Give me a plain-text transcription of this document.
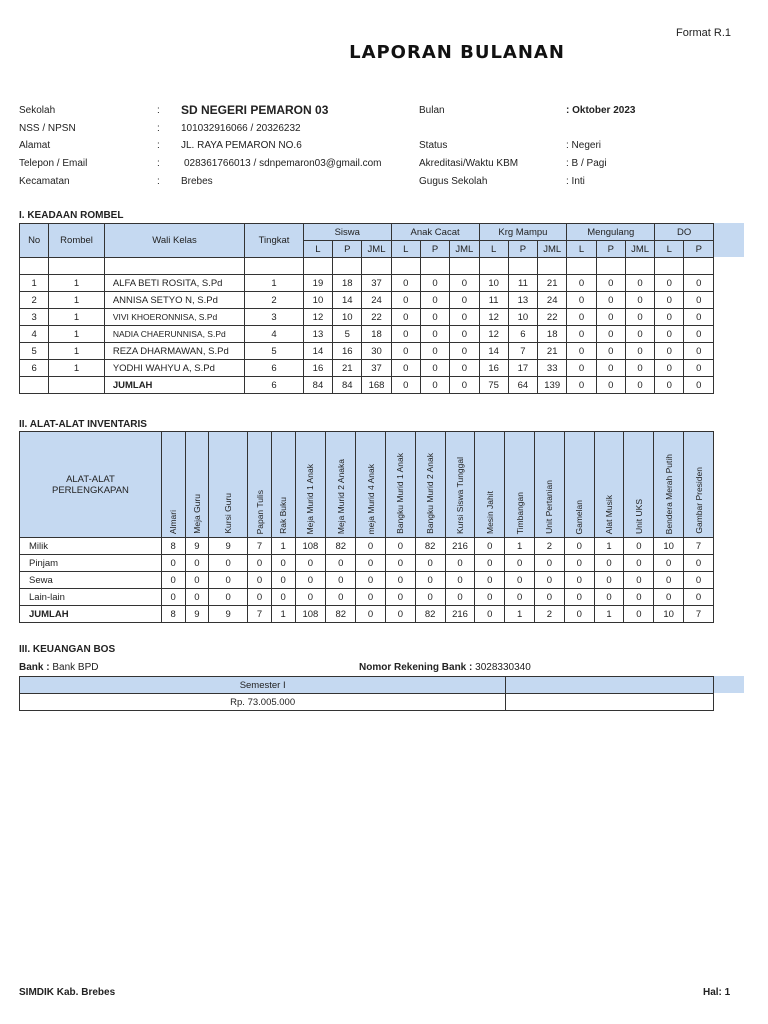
Format R.1
LAPORAN BULANAN
Sekolah	: SD NEGERI PEMARON 03
NSS / NPSN	: 101032916066 / 20326232
Alamat	: JL. RAYA PEMARON NO.6
Telepon / Email	: 028361766013 / sdnpemaron03@gmail.com
Kecamatan	: Brebes
Bulan	: Oktober 2023
Status	: Negeri
Akreditasi/Waktu KBM	: B / Pagi
Gugus Sekolah	: Inti
I. KEADAAN ROMBEL
No	Rombel	Wali Kelas	Tingkat	Siswa			Anak Cacat			Krg Mampu			Mengulang			DO	
				L	P	JML	L	P	JML	L	P	JML	L	P	JML	L	P

1	1	ALFA BETI ROSITA, S.Pd	1	19	18	37	0	0	0	10	11	21	0	0	0	0	0
2	1	ANNISA SETYO N, S.Pd	2	10	14	24	0	0	0	11	13	24	0	0	0	0	0
3	1	VIVI KHOERONNISA, S.Pd	3	12	10	22	0	0	0	12	10	22	0	0	0	0	0
4	1	NADIA CHAERUNNISA, S.Pd	4	13	5	18	0	0	0	12	6	18	0	0	0	0	0
5	1	REZA DHARMAWAN, S.Pd	5	14	16	30	0	0	0	14	7	21	0	0	0	0	0
6	1	YODHI WAHYU A, S.Pd	6	16	21	37	0	0	0	16	17	33	0	0	0	0	0
		JUMLAH	6	84	84	168	0	0	0	75	64	139	0	0	0	0	0
II. ALAT-ALAT INVENTARIS
ALAT-ALAT PERLENGKAPAN	Almari	Meja Guru	Kursi Guru	Papan Tulis	Rak Buku	Meja Murid 1 Anak	Meja Murid 2 Anaka	meja Murid 4 Anak	Bangku Murid 1 Anak	Bangku Murid 2 Anak	Kursi Siswa Tunggal	Mesin Jahit	Timbangan	Unit Pertanian	Gamelan	Alat Musik	Unit UKS	Bendera Merah Putih	Gambar Presiden
Milik	8	9	9	7	1	108	82	0	0	82	216	0	1	2	0	1	0	10	7
Pinjam	0	0	0	0	0	0	0	0	0	0	0	0	0	0	0	0	0	0	0
Sewa	0	0	0	0	0	0	0	0	0	0	0	0	0	0	0	0	0	0	0
Lain-lain	0	0	0	0	0	0	0	0	0	0	0	0	0	0	0	0	0	0	0
JUMLAH	8	9	9	7	1	108	82	0	0	82	216	0	1	2	0	1	0	10	7
III. KEUANGAN BOS
Bank : Bank BPD	Nomor Rekening Bank : 3028330340
Semester I	
Rp. 73.005.000	
SIMDIK Kab. Brebes	Hal: 1
